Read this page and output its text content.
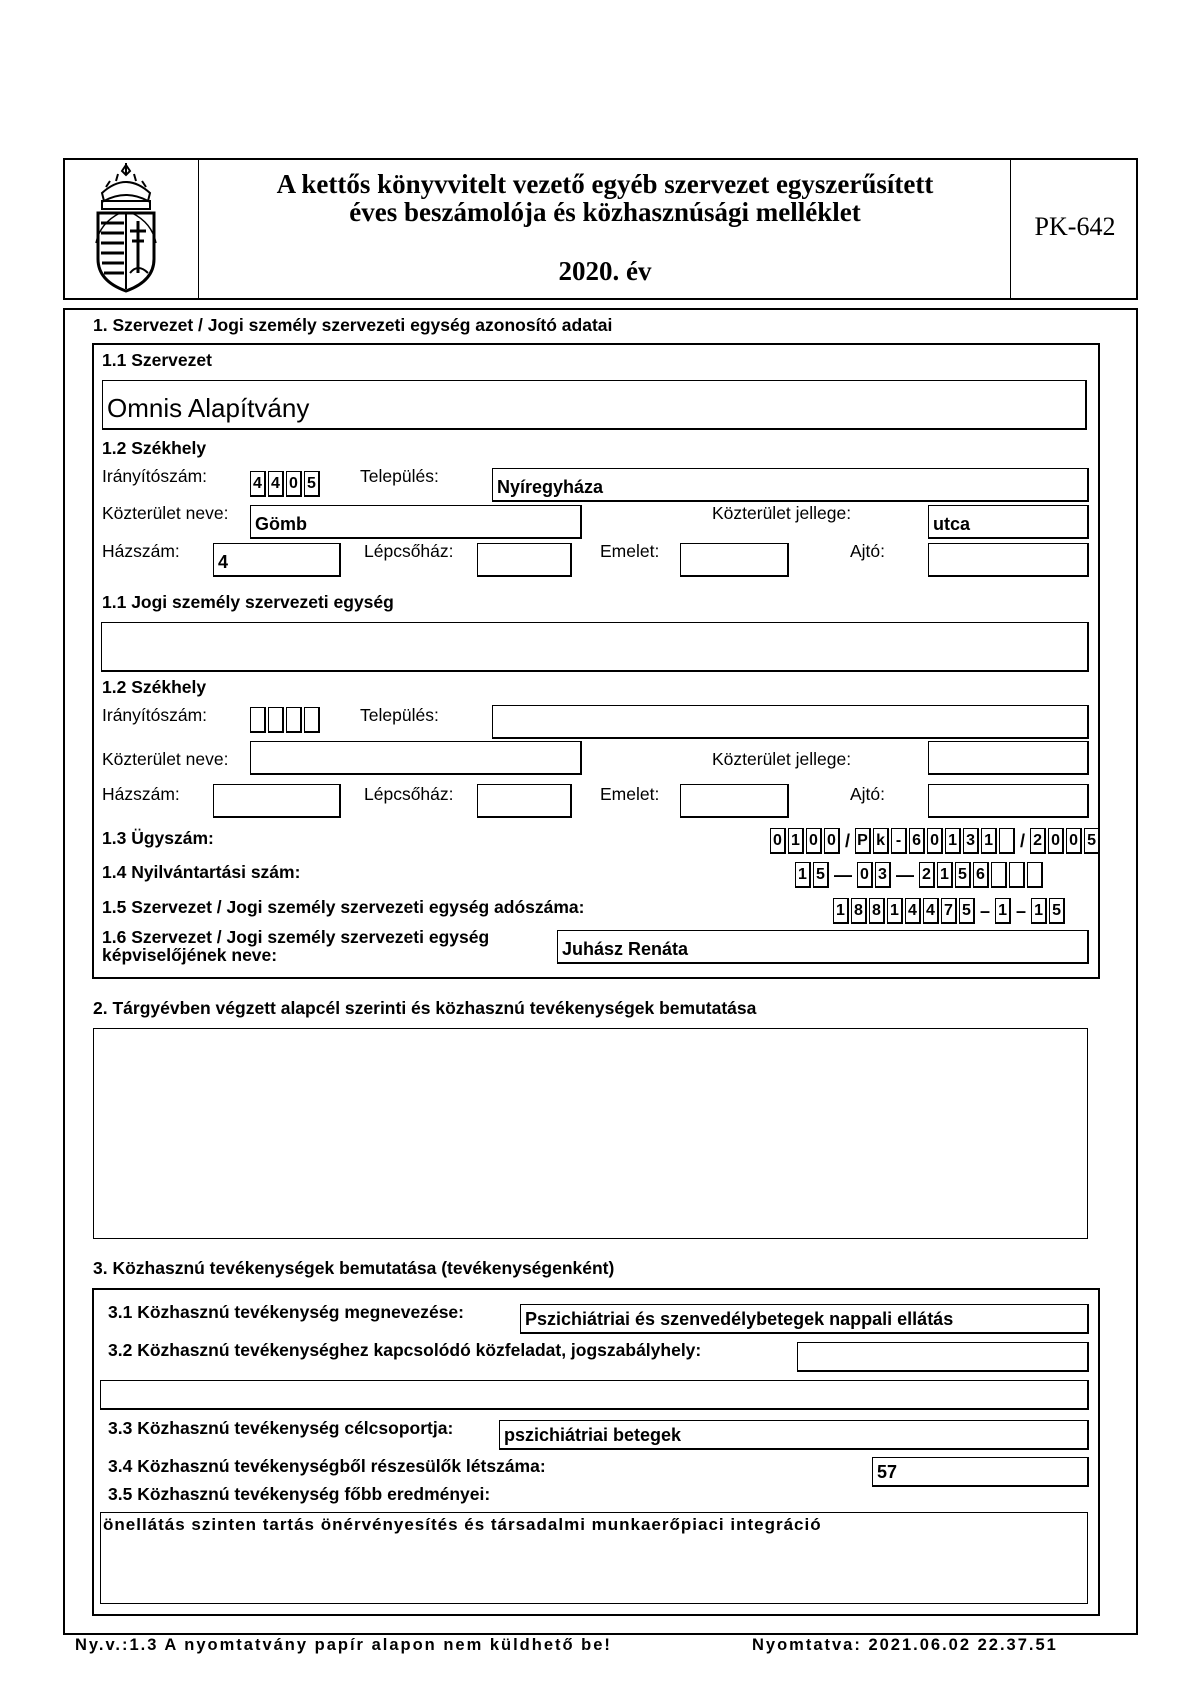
A kettős könyvvitelt vezető egyéb szervezet egyszerűsített
éves beszámolója és közhasznúsági melléklet
2020. év
PK-642
1. Szervezet / Jogi személy szervezeti egység azonosító adatai
1.1 Szervezet
Omnis Alapítvány
1.2 Székhely
Irányítószám:	4 4 0 5	Település:
Nyíregyháza
Közterület neve:
Gömb
Közterület jellege:
utca
Házszám:
4
Lépcsőház:	Emelet:	Ajtó:
1.1 Jogi személy szervezeti egység
1.2 Székhely
Irányítószám:	Település:
Közterület neve:	Közterület jellege:
Házszám:	Lépcsőház:	Emelet:	Ajtó:
1.3 Ügyszám:	0 1 0 0 / P k - 6 0 1 3 1 / 2 0 0 5
1.4 Nyilvántartási szám:	1 5 — 0 3 — 2 1 5 6
1.5 Szervezet / Jogi személy szervezeti egység adószáma:	1 8 8 1 4 4 7 5 – 1 – 1 5
1.6 Szervezet / Jogi személy szervezeti egység
képviselőjének neve:	Juhász Renáta
2. Tárgyévben végzett alapcél szerinti és közhasznú tevékenységek bemutatása
3. Közhasznú tevékenységek bemutatása (tevékenységenként)
3.1 Közhasznú tevékenység megnevezése:	Pszichiátriai és szenvedélybetegek nappali ellátás
3.2 Közhasznú tevékenységhez kapcsolódó közfeladat, jogszabályhely:
3.3 Közhasznú tevékenység célcsoportja:	pszichiátriai betegek
3.4 Közhasznú tevékenységből részesülők létszáma:	57
3.5 Közhasznú tevékenység főbb eredményei:
önellátás szinten tartás önérvényesítés és társadalmi munkaerőpiaci integráció
Ny.v.:1.3 A nyomtatvány papír alapon nem küldhető be!	Nyomtatva: 2021.06.02 22.37.51
